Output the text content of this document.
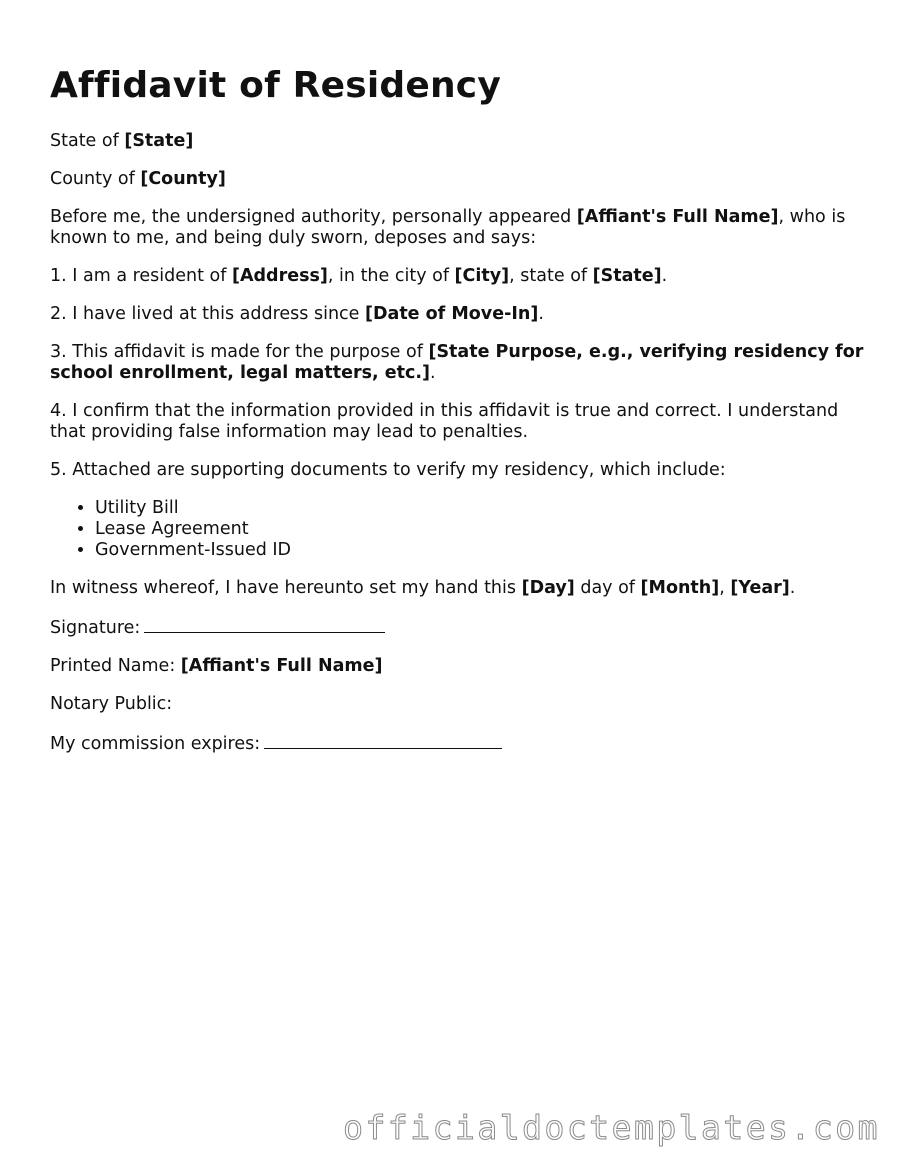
Affidavit of Residency

State of [State]

County of [County]

Before me, the undersigned authority, personally appeared [Affiant's Full Name], who is known to me, and being duly sworn, deposes and says:

1. I am a resident of [Address], in the city of [City], state of [State].

2. I have lived at this address since [Date of Move-In].

3. This affidavit is made for the purpose of [State Purpose, e.g., verifying residency for school enrollment, legal matters, etc.].

4. I confirm that the information provided in this affidavit is true and correct. I understand that providing false information may lead to penalties.

5. Attached are supporting documents to verify my residency, which include:

• Utility Bill
• Lease Agreement
• Government-Issued ID

In witness whereof, I have hereunto set my hand this [Day] day of [Month], [Year].

Signature:

Printed Name: [Affiant's Full Name]

Notary Public:

My commission expires:

officialdoctemplates.com
